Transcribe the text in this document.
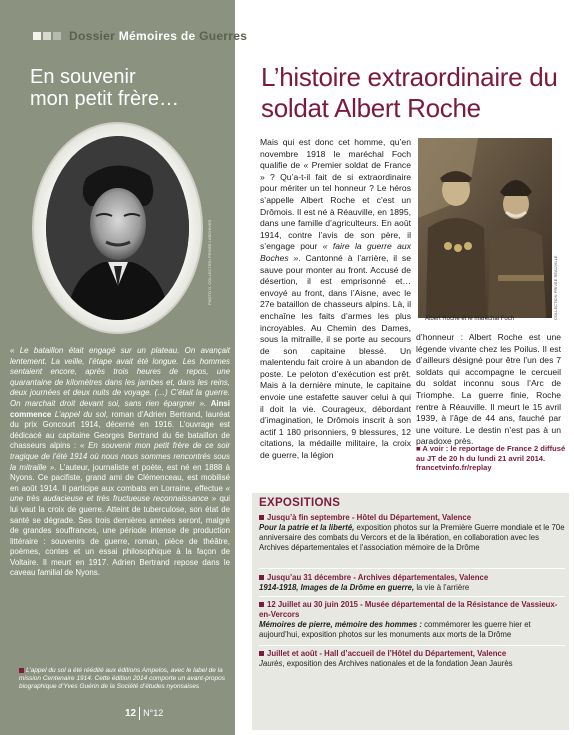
Dossier Mémoires de Guerres
En souvenir
mon petit frère…
PHOTO D. COLLECTION PRIVÉE / ARCHIVES
« Le bataillon était engagé sur un plateau. On avançait lentement. La veille, l’étape avait été longue. Les hommes sentaient encore, après trois heures de repos, une quarantaine de kilomètres dans les jambes et, dans les reins, deux journées et deux nuits de voyage. (…) C’était la guerre. On marchait droit devant soi, sans rien épargner ». Ainsi commence L’appel du sol, roman d’Adrien Bertrand, lauréat du prix Goncourt 1914, décerné en 1916. L’ouvrage est dédicacé au capitaine Georges Bertrand du 6e bataillon de chasseurs alpins : « En souvenir mon petit frère de ce soir tragique de l’été 1914 où nous nous sommes rencontrés sous la mitraille ». L’auteur, journaliste et poète, est né en 1888 à Nyons. Ce pacifiste, grand ami de Clémenceau, est mobilisé en août 1914. Il participe aux combats en Lorraine, effectue « une très audacieuse et très fructueuse reconnaissance » qui lui vaut la croix de guerre. Atteint de tuberculose, son état de santé se dégrade. Ses trois dernières années seront, malgré de grandes souffrances, une période intense de production littéraire : souvenirs de guerre, roman, pièce de théâtre, poèmes, contes et un essai philosophique à la façon de Voltaire. Il meurt en 1917. Adrien Bertrand repose dans le caveau familial de Nyons.
L’appel du sol a été réédité aux éditions Ampelos, avec le label de la mission Centenaire 1914. Cette édition 2014 comporte un avant-propos biographique d’Yves Guérin de la Société d’études nyonsaises
12 N°12
L’histoire extraordinaire du soldat Albert Roche
Mais qui est donc cet homme, qu’en novembre 1918 le maréchal Foch qualifie de « Premier soldat de France » ? Qu’a-t-il fait de si extraordinaire pour mériter un tel honneur ? Le héros s’appelle Albert Roche et c’est un Drômois. Il est né à Réauville, en 1895, dans une famille d’agriculteurs. En août 1914, contre l’avis de son père, il s’engage pour « faire la guerre aux Boches ». Cantonné à l’arrière, il se sauve pour monter au front. Accusé de désertion, il est emprisonné et… envoyé au front, dans l’Aisne, avec le 27e bataillon de chasseurs alpins. Là, il enchaîne les faits d’armes les plus incroyables. Au Chemin des Dames, sous la mitraille, il se porte au secours de son capitaine blessé. Un malentendu fait croire à un abandon de poste. Le peloton d’exécution est prêt. Mais à la dernière minute, le capitaine envoie une estafette sauver celui à qui il doit la vie. Courageux, débordant d’imagination, le Drômois inscrit à son actif 1 180 prisonniers, 9 blessures, 12 citations, la médaille militaire, la croix de guerre, la légion
COLLECTION PRIVÉE RÉAUVILLE
Albert Roche et le maréchal Foch
d’honneur : Albert Roche est une légende vivante chez les Poilus. Il est d’ailleurs désigné pour être l’un des 7 soldats qui accompagne le cercueil du soldat inconnu sous l’Arc de Triomphe. La guerre finie, Roche rentre à Réauville. Il meurt le 15 avril 1939, à l’âge de 44 ans, fauché par une voiture. Le destin n’est pas à un paradoxe près.
■ A voir : le reportage de France 2 diffusé au JT de 20 h du lundi 21 avril 2014.
francetvinfo.fr/replay
EXPOSITIONS
Jusqu’à fin septembre - Hôtel du Département, Valence
Pour la patrie et la liberté, exposition photos sur la Première Guerre mondiale et le 70e anniversaire des combats du Vercors et de la libération, en collaboration avec les Archives départementales et l’association mémoire de la Drôme
Jusqu’au 31 décembre - Archives départementales, Valence
1914-1918, Images de la Drôme en guerre, la vie à l’arrière
12 Juillet au 30 juin 2015 - Musée départemental de la Résistance de Vassieux-en-Vercors
Mémoires de pierre, mémoire des hommes : commémorer les guerre hier et aujourd’hui, exposition photos sur les monuments aux morts de la Drôme
Juillet et août - Hall d’accueil de l’Hôtel du Département, Valence
Jaurès, exposition des Archives nationales et de la fondation Jean Jaurès
